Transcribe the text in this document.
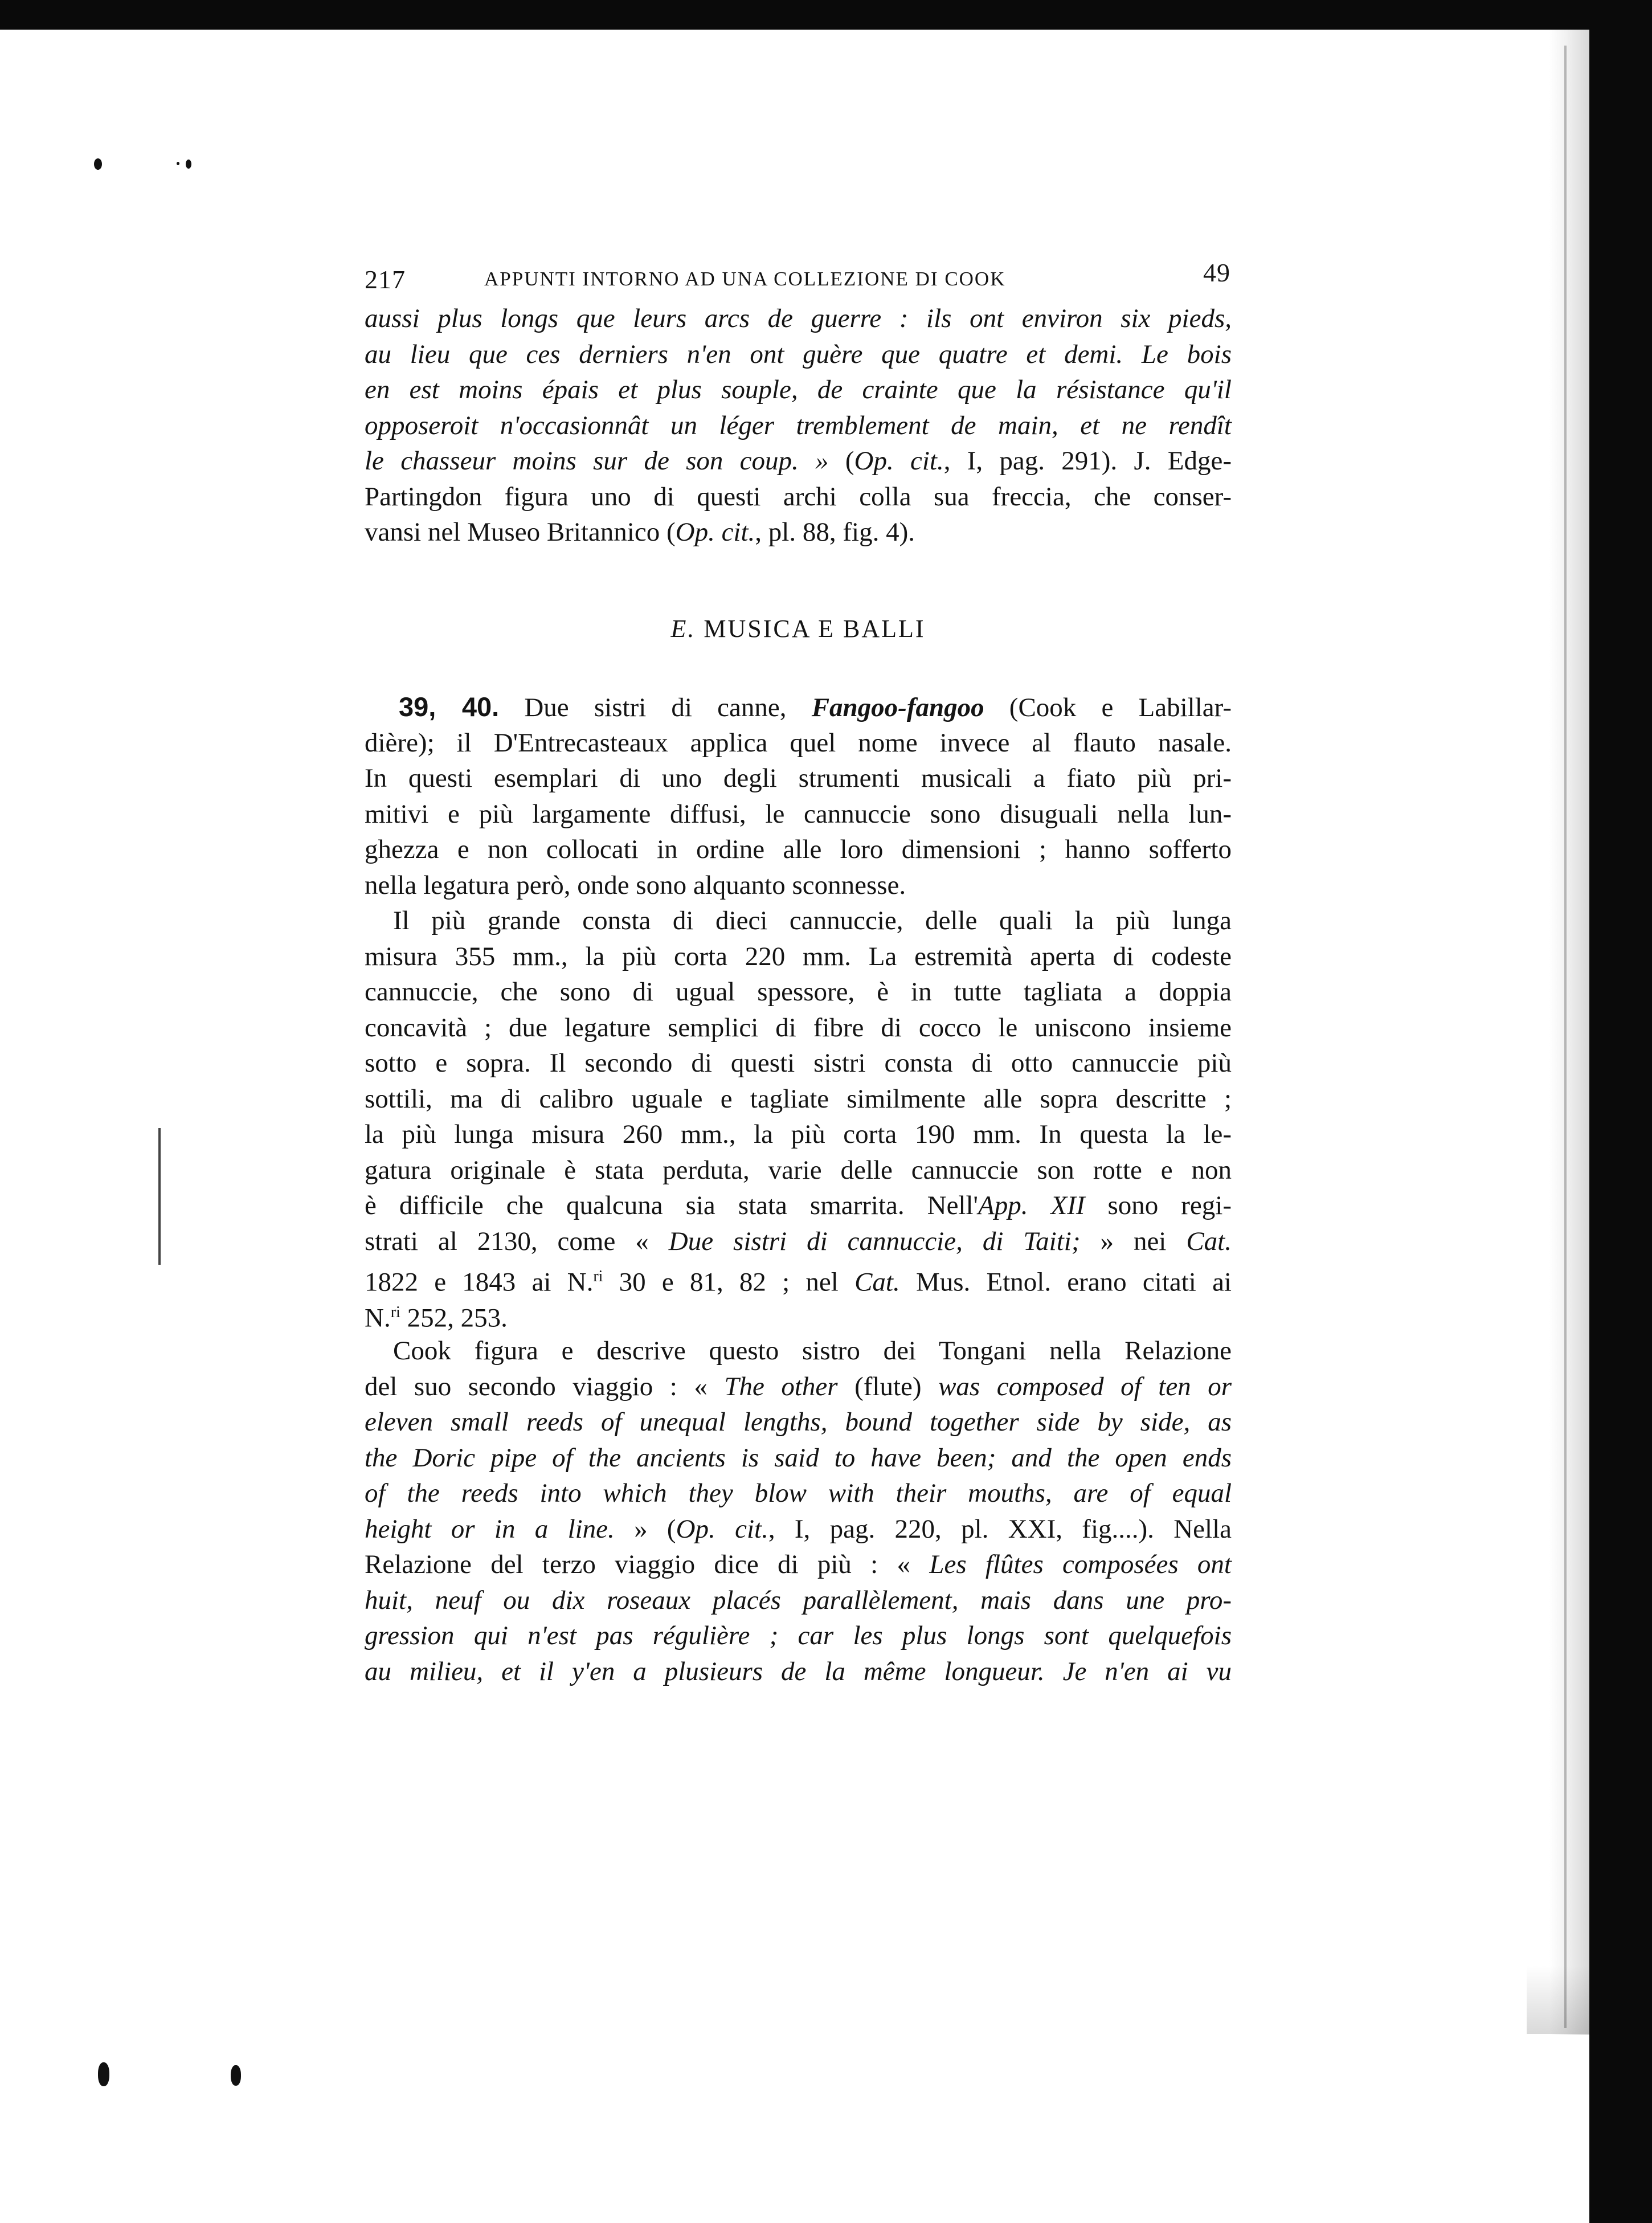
217	APPUNTI INTORNO AD UNA COLLEZIONE DI COOK	49
aussi plus longs que leurs arcs de guerre : ils ont environ six pieds,
au lieu que ces derniers n'en ont guère que quatre et demi. Le bois
en est moins épais et plus souple, de crainte que la résistance qu'il
opposeroit n'occasionnât un léger tremblement de main, et ne rendît
le chasseur moins sur de son coup. » (Op. cit., I, pag. 291). J. Edge-
Partingdon figura uno di questi archi colla sua freccia, che conser-
vansi nel Museo Britannico (Op. cit., pl. 88, fig. 4).
E. MUSICA E BALLI
39, 40. Due sistri di canne, Fangoo-fangoo (Cook e Labillar-
dière); il D'Entrecasteaux applica quel nome invece al flauto nasale.
In questi esemplari di uno degli strumenti musicali a fiato più pri-
mitivi e più largamente diffusi, le cannuccie sono disuguali nella lun-
ghezza e non collocati in ordine alle loro dimensioni ; hanno sofferto
nella legatura però, onde sono alquanto sconnesse.
Il più grande consta di dieci cannuccie, delle quali la più lunga
misura 355 mm., la più corta 220 mm. La estremità aperta di codeste
cannuccie, che sono di ugual spessore, è in tutte tagliata a doppia
concavità ; due legature semplici di fibre di cocco le uniscono insieme
sotto e sopra. Il secondo di questi sistri consta di otto cannuccie più
sottili, ma di calibro uguale e tagliate similmente alle sopra descritte ;
la più lunga misura 260 mm., la più corta 190 mm. In questa la le-
gatura originale è stata perduta, varie delle cannuccie son rotte e non
è difficile che qualcuna sia stata smarrita. Nell'App. XII sono regi-
strati al 2130, come « Due sistri di cannuccie, di Taiti; » nei Cat.
1822 e 1843 ai N.$^{ri}$ 30 e 81, 82 ; nel Cat. Mus. Etnol. erano citati ai
N.$^{ri}$ 252, 253.
Cook figura e descrive questo sistro dei Tongani nella Relazione
del suo secondo viaggio : « The other (flute) was composed of ten or
eleven small reeds of unequal lengths, bound together side by side, as
the Doric pipe of the ancients is said to have been; and the open ends
of the reeds into which they blow with their mouths, are of equal
height or in a line. » (Op. cit., I, pag. 220, pl. XXI, fig....). Nella
Relazione del terzo viaggio dice di più : « Les flûtes composées ont
huit, neuf ou dix roseaux placés parallèlement, mais dans une pro-
gression qui n'est pas régulière ; car les plus longs sont quelquefois
au milieu, et il y'en a plusieurs de la même longueur. Je n'en ai vu
